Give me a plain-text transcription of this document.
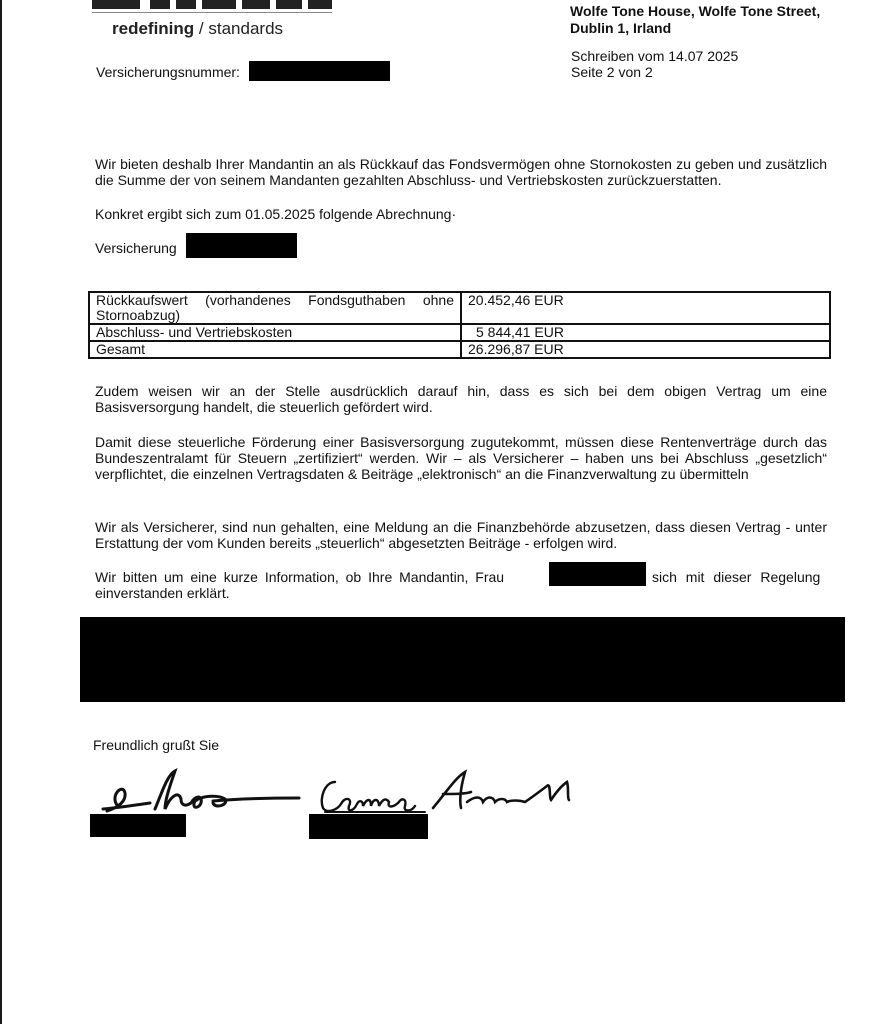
redefining / standards
Wolfe Tone House, Wolfe Tone Street,
Dublin 1, Irland
Schreiben vom 14.07 2025
Seite 2 von 2
Versicherungsnummer:
Wir bieten deshalb Ihrer Mandantin an als Rückkauf das Fondsvermögen ohne Stornokosten zu geben und zusätzlich die Summe der von seinem Mandanten gezahlten Abschluss- und Vertriebskosten zurückzuerstatten.
Konkret ergibt sich zum 01.05.2025 folgende Abrechnung·
Versicherung
Rückkaufswert (vorhandenes Fondsguthaben ohne Stornoabzug)	20.452,46 EUR
Abschluss- und Vertriebskosten	5 844,41 EUR
Gesamt	26.296,87 EUR
Zudem weisen wir an der Stelle ausdrücklich darauf hin, dass es sich bei dem obigen Vertrag um eine Basisversorgung handelt, die steuerlich gefördert wird.
Damit diese steuerliche Förderung einer Basisversorgung zugutekommt, müssen diese Rentenverträge durch das Bundeszentralamt für Steuern „zertifiziert“ werden. Wir – als Versicherer – haben uns bei Abschluss „gesetzlich“ verpflichtet, die einzelnen Vertragsdaten & Beiträge „elektronisch“ an die Finanzverwaltung zu übermitteln
Wir als Versicherer, sind nun gehalten, eine Meldung an die Finanzbehörde abzusetzen, dass diesen Vertrag - unter Erstattung der vom Kunden bereits „steuerlich“ abgesetzten Beiträge - erfolgen wird.
Wir bitten um eine kurze Information, ob Ihre Mandantin, Frau	sich mit dieser Regelung
einverstanden erklärt.
Freundlich grußt Sie
